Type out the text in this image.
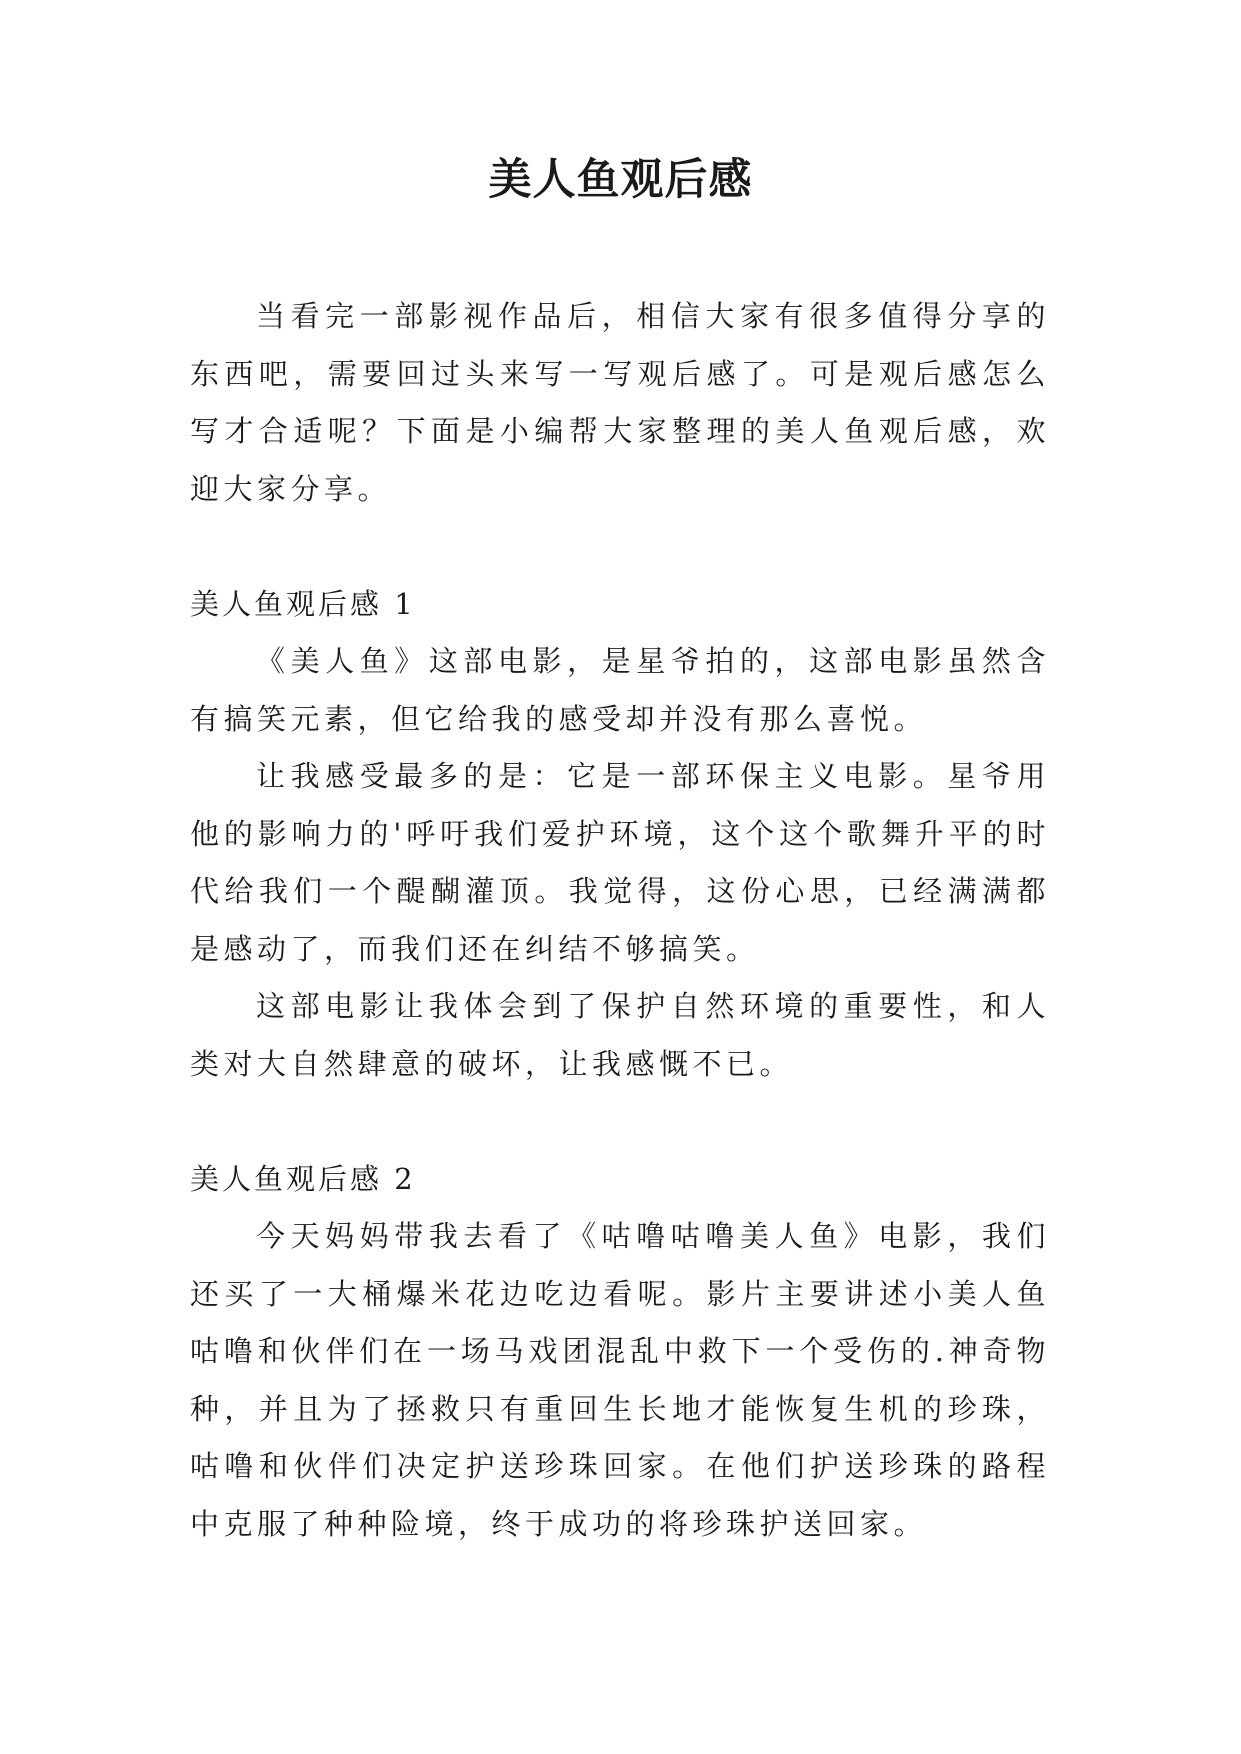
美人鱼观后感

当看完一部影视作品后，相信大家有很多值得分享的东西吧，需要回过头来写一写观后感了。可是观后感怎么写才合适呢？下面是小编帮大家整理的美人鱼观后感，欢迎大家分享。

美人鱼观后感 1

《美人鱼》这部电影，是星爷拍的，这部电影虽然含有搞笑元素，但它给我的感受却并没有那么喜悦。

让我感受最多的是：它是一部环保主义电影。星爷用他的影响力的'呼吁我们爱护环境，这个这个歌舞升平的时代给我们一个醍醐灌顶。我觉得，这份心思，已经满满都是感动了，而我们还在纠结不够搞笑。

这部电影让我体会到了保护自然环境的重要性，和人类对大自然肆意的破坏，让我感慨不已。

美人鱼观后感 2

今天妈妈带我去看了《咕噜咕噜美人鱼》电影，我们还买了一大桶爆米花边吃边看呢。影片主要讲述小美人鱼咕噜和伙伴们在一场马戏团混乱中救下一个受伤的.神奇物种，并且为了拯救只有重回生长地才能恢复生机的珍珠，咕噜和伙伴们决定护送珍珠回家。在他们护送珍珠的路程中克服了种种险境，终于成功的将珍珠护送回家。
